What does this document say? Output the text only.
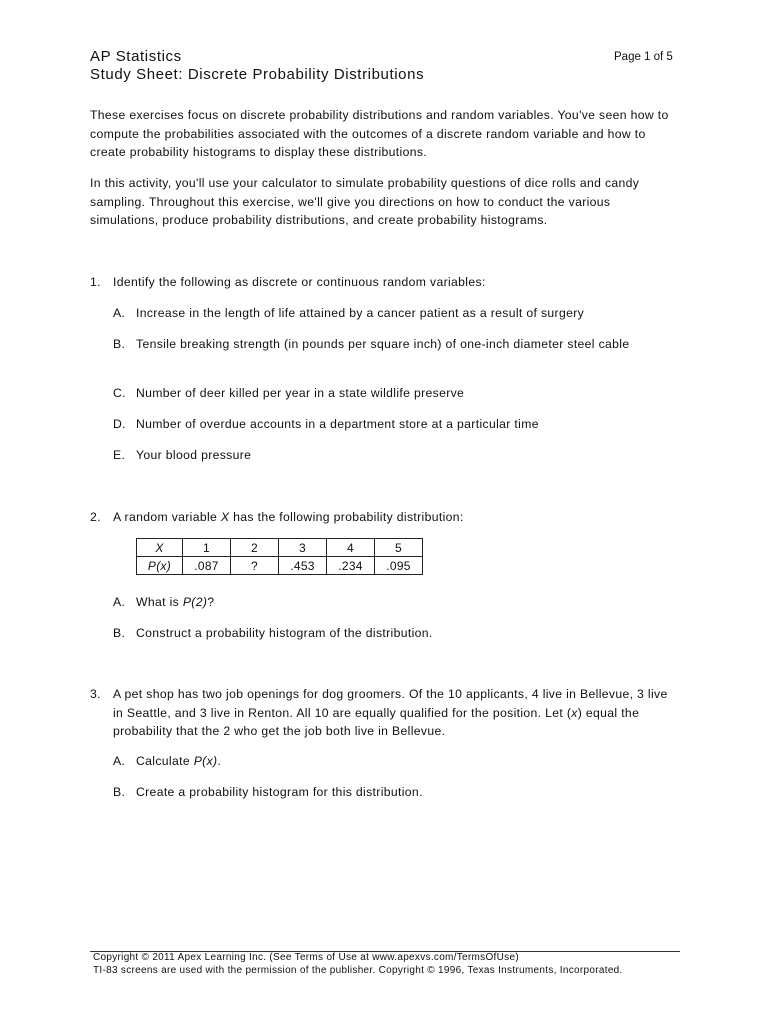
AP Statistics
Study Sheet: Discrete Probability Distributions
Page 1 of 5

These exercises focus on discrete probability distributions and random variables. You've seen how to compute the probabilities associated with the outcomes of a discrete random variable and how to create probability histograms to display these distributions.

In this activity, you'll use your calculator to simulate probability questions of dice rolls and candy sampling. Throughout this exercise, we'll give you directions on how to conduct the various simulations, produce probability distributions, and create probability histograms.

1. Identify the following as discrete or continuous random variables:
A. Increase in the length of life attained by a cancer patient as a result of surgery
B. Tensile breaking strength (in pounds per square inch) of one-inch diameter steel cable
C. Number of deer killed per year in a state wildlife preserve
D. Number of overdue accounts in a department store at a particular time
E. Your blood pressure
2. A random variable X has the following probability distribution:
X	1	2	3	4	5
P(x)	.087	?	.453	.234	.095
A. What is P(2)?
B. Construct a probability histogram of the distribution.
3. A pet shop has two job openings for dog groomers. Of the 10 applicants, 4 live in Bellevue, 3 live in Seattle, and 3 live in Renton. All 10 are equally qualified for the position. Let (x) equal the probability that the 2 who get the job both live in Bellevue.
A. Calculate P(x).
B. Create a probability histogram for this distribution.
Copyright © 2011 Apex Learning Inc. (See Terms of Use at www.apexvs.com/TermsOfUse)
TI-83 screens are used with the permission of the publisher. Copyright © 1996, Texas Instruments, Incorporated.
